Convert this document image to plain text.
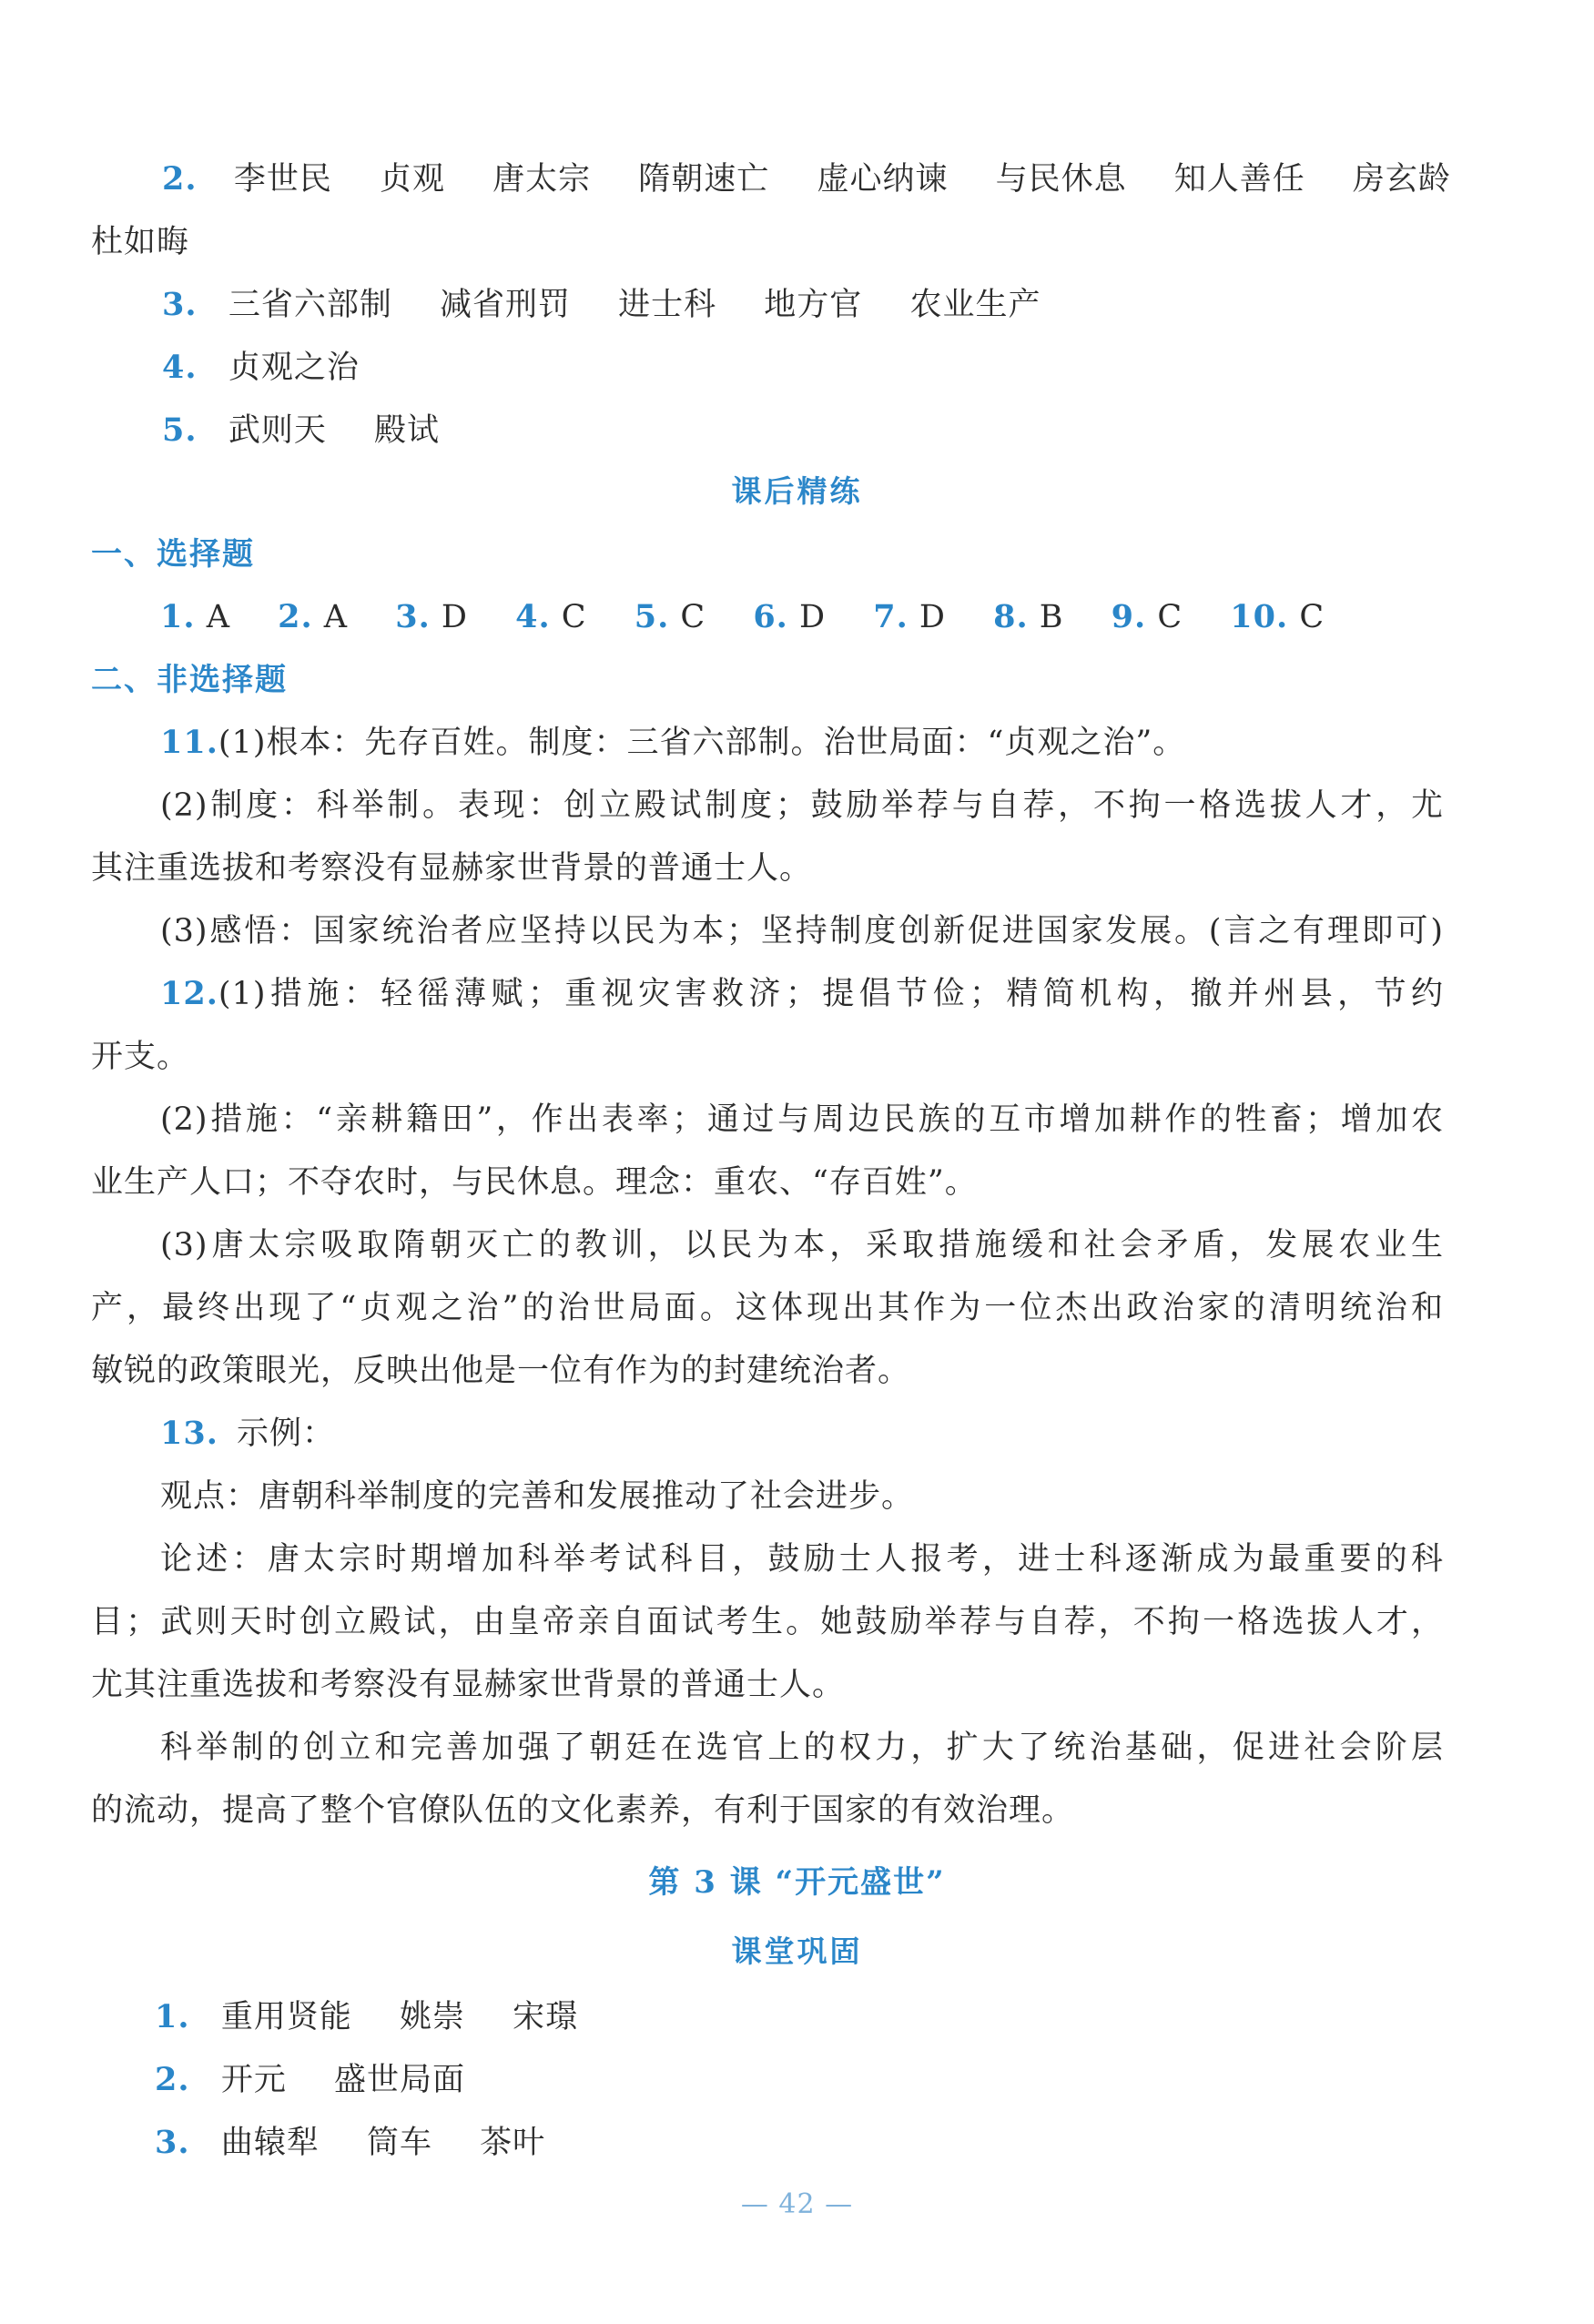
2. 李世民 贞观 唐太宗 隋朝速亡 虚心纳谏 与民休息 知人善任 房玄龄
杜如晦
3. 三省六部制 减省刑罚 进士科 地方官 农业生产
4. 贞观之治
5. 武则天 殿试
课后精练
一、选择题
1. A 2. A 3. D 4. C 5. C 6. D 7. D 8. B 9. C 10. C
二、非选择题
11.(1)根本：先存百姓。制度：三省六部制。治世局面：“贞观之治”。
(2)制度：科举制。表现：创立殿试制度；鼓励举荐与自荐，不拘一格选拔人才，尤
其注重选拔和考察没有显赫家世背景的普通士人。
(3)感悟：国家统治者应坚持以民为本；坚持制度创新促进国家发展。(言之有理即可)
12.(1)措施：轻徭薄赋；重视灾害救济；提倡节俭；精简机构，撤并州县，节约
开支。
(2)措施：“亲耕籍田”，作出表率；通过与周边民族的互市增加耕作的牲畜；增加农
业生产人口；不夺农时，与民休息。理念：重农、“存百姓”。
(3)唐太宗吸取隋朝灭亡的教训，以民为本，采取措施缓和社会矛盾，发展农业生
产，最终出现了“贞观之治”的治世局面。这体现出其作为一位杰出政治家的清明统治和
敏锐的政策眼光，反映出他是一位有作为的封建统治者。
13. 示例：
观点：唐朝科举制度的完善和发展推动了社会进步。
论述：唐太宗时期增加科举考试科目，鼓励士人报考，进士科逐渐成为最重要的科
目；武则天时创立殿试，由皇帝亲自面试考生。她鼓励举荐与自荐，不拘一格选拔人才，
尤其注重选拔和考察没有显赫家世背景的普通士人。
科举制的创立和完善加强了朝廷在选官上的权力，扩大了统治基础，促进社会阶层
的流动，提高了整个官僚队伍的文化素养，有利于国家的有效治理。
第 3 课 “开元盛世”
课堂巩固
1. 重用贤能 姚崇 宋璟
2. 开元 盛世局面
3. 曲辕犁 筒车 茶叶
— 42 —
